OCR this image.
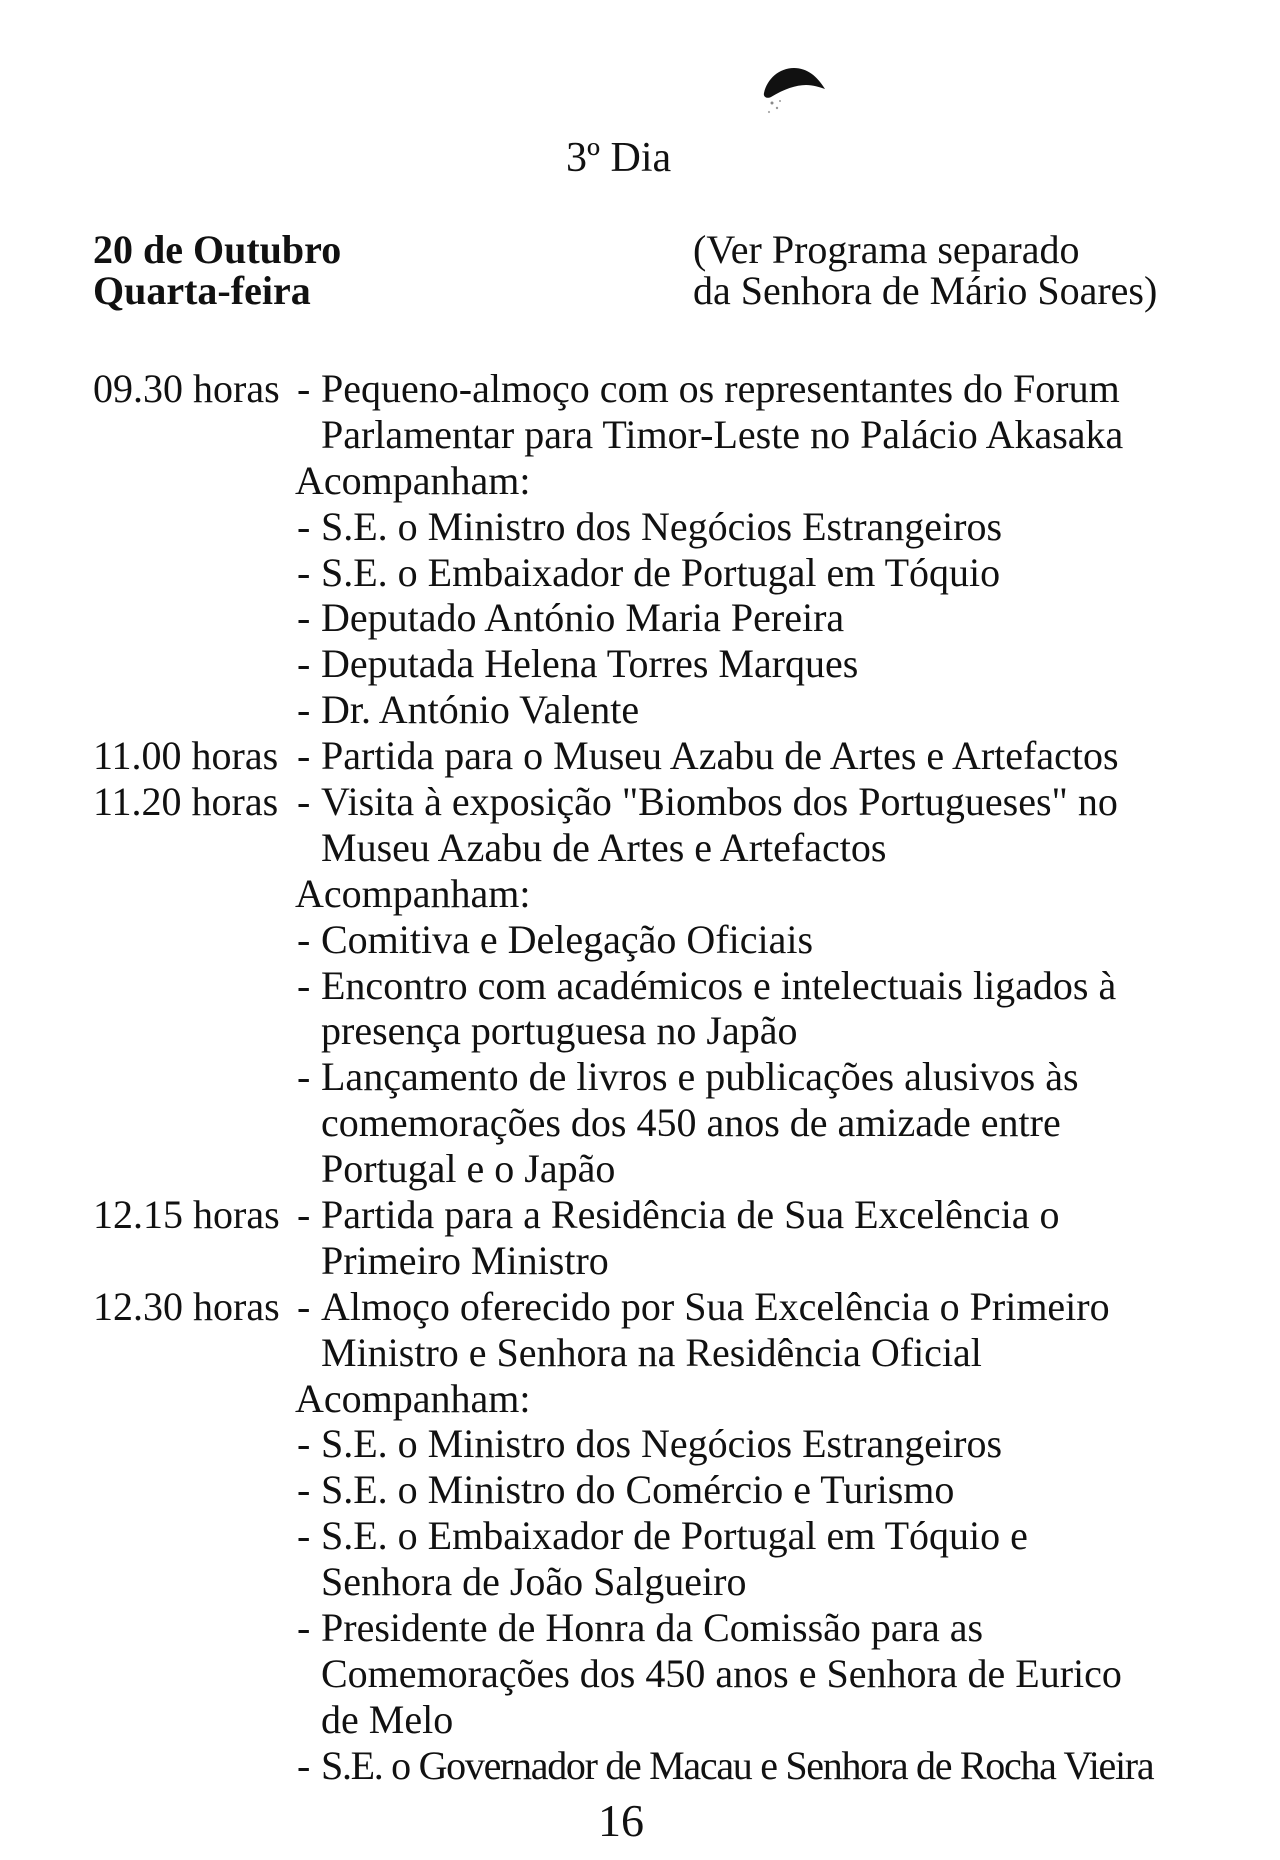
3º Dia
20 de Outubro
Quarta-feira
(Ver Programa separado
da Senhora de Mário Soares)
09.30 horas - Pequeno-almoço com os representantes do Forum
Parlamentar para Timor-Leste no Palácio Akasaka
Acompanham:
- S.E. o Ministro dos Negócios Estrangeiros
- S.E. o Embaixador de Portugal em Tóquio
- Deputado António Maria Pereira
- Deputada Helena Torres Marques
- Dr. António Valente
11.00 horas - Partida para o Museu Azabu de Artes e Artefactos
11.20 horas - Visita à exposição "Biombos dos Portugueses" no
Museu Azabu de Artes e Artefactos
Acompanham:
- Comitiva e Delegação Oficiais
- Encontro com académicos e intelectuais ligados à
presença portuguesa no Japão
- Lançamento de livros e publicações alusivos às
comemorações dos 450 anos de amizade entre
Portugal e o Japão
12.15 horas - Partida para a Residência de Sua Excelência o
Primeiro Ministro
12.30 horas - Almoço oferecido por Sua Excelência o Primeiro
Ministro e Senhora na Residência Oficial
Acompanham:
- S.E. o Ministro dos Negócios Estrangeiros
- S.E. o Ministro do Comércio e Turismo
- S.E. o Embaixador de Portugal em Tóquio e
Senhora de João Salgueiro
- Presidente de Honra da Comissão para as
Comemorações dos 450 anos e Senhora de Eurico
de Melo
- S.E. o Governador de Macau e Senhora de Rocha Vieira
16
